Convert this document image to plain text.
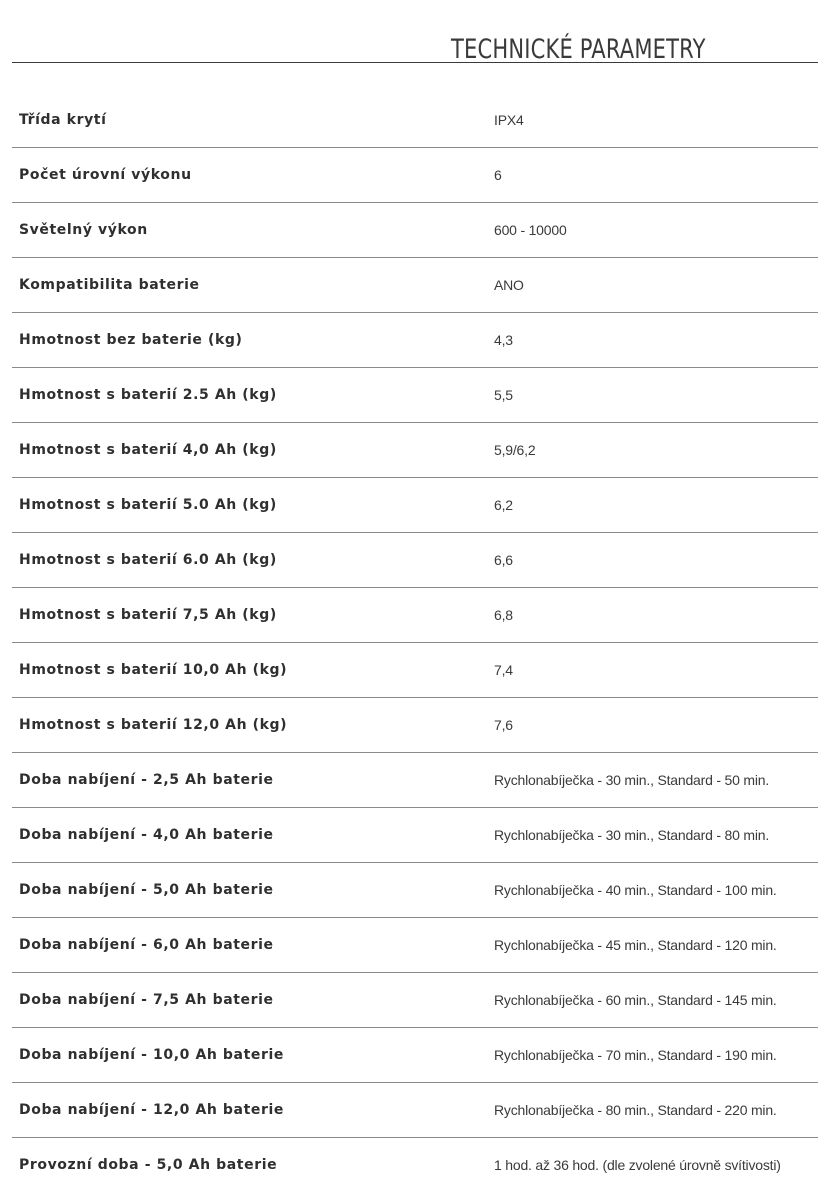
TECHNICKÉ PARAMETRY
Třída krytí	IPX4
Počet úrovní výkonu	6
Světelný výkon	600 - 10000
Kompatibilita baterie	ANO
Hmotnost bez baterie (kg)	4,3
Hmotnost s baterií 2.5 Ah (kg)	5,5
Hmotnost s baterií 4,0 Ah (kg)	5,9/6,2
Hmotnost s baterií 5.0 Ah (kg)	6,2
Hmotnost s baterií 6.0 Ah (kg)	6,6
Hmotnost s baterií 7,5 Ah (kg)	6,8
Hmotnost s baterií 10,0 Ah (kg)	7,4
Hmotnost s baterií 12,0 Ah (kg)	7,6
Doba nabíjení - 2,5 Ah baterie	Rychlonabíječka - 30 min., Standard - 50 min.
Doba nabíjení - 4,0 Ah baterie	Rychlonabíječka - 30 min., Standard - 80 min.
Doba nabíjení - 5,0 Ah baterie	Rychlonabíječka - 40 min., Standard - 100 min.
Doba nabíjení - 6,0 Ah baterie	Rychlonabíječka - 45 min., Standard - 120 min.
Doba nabíjení - 7,5 Ah baterie	Rychlonabíječka - 60 min., Standard - 145 min.
Doba nabíjení - 10,0 Ah baterie	Rychlonabíječka - 70 min., Standard - 190 min.
Doba nabíjení - 12,0 Ah baterie	Rychlonabíječka - 80 min., Standard - 220 min.
Provozní doba - 5,0 Ah baterie	1 hod. až 36 hod. (dle zvolené úrovně svítivosti)
